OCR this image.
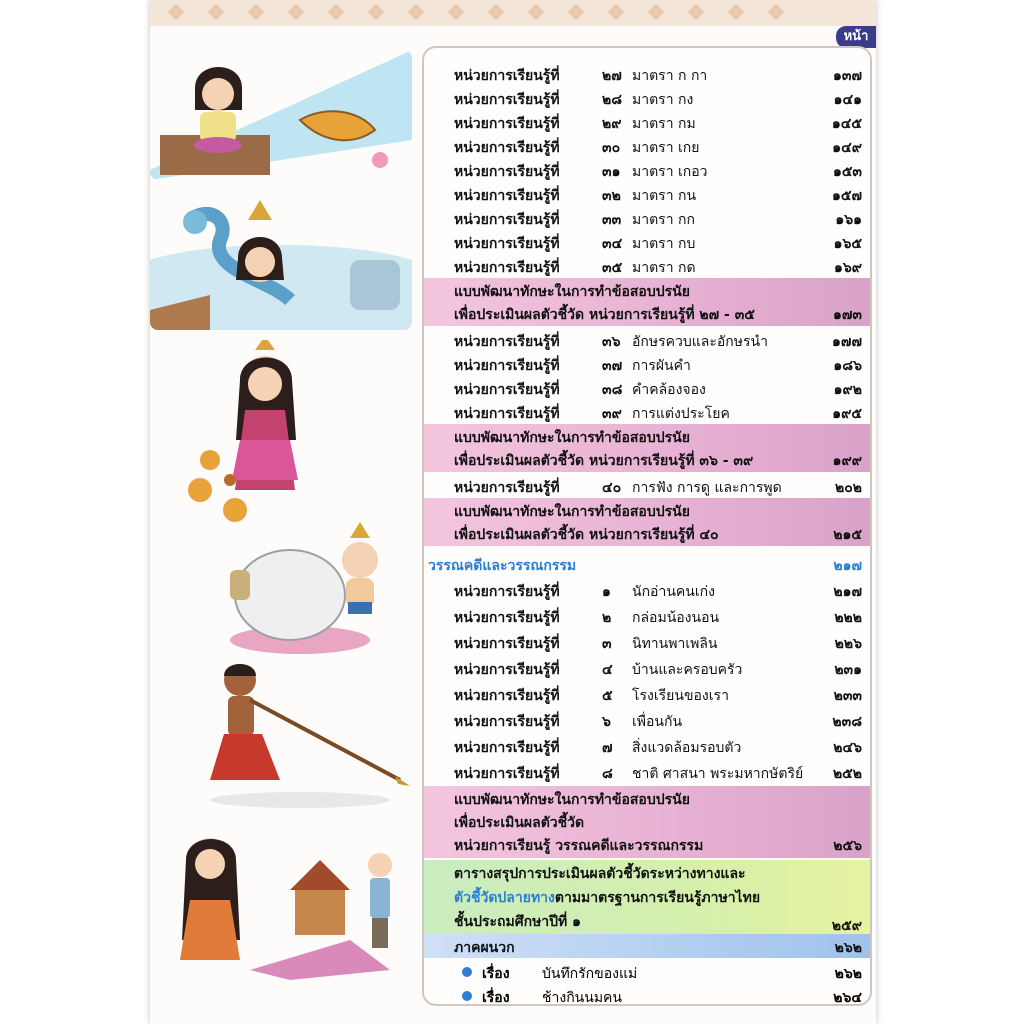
หน้า
หน่วยการเรียนรู้ที่	๒๗ มาตรา ก กา	๑๓๗
หน่วยการเรียนรู้ที่	๒๘ มาตรา กง	๑๔๑
หน่วยการเรียนรู้ที่	๒๙ มาตรา กม	๑๔๕
หน่วยการเรียนรู้ที่	๓๐ มาตรา เกย	๑๔๙
หน่วยการเรียนรู้ที่	๓๑ มาตรา เกอว	๑๕๓
หน่วยการเรียนรู้ที่	๓๒ มาตรา กน	๑๕๗
หน่วยการเรียนรู้ที่	๓๓ มาตรา กก	๑๖๑
หน่วยการเรียนรู้ที่	๓๔ มาตรา กบ	๑๖๕
หน่วยการเรียนรู้ที่	๓๕ มาตรา กด	๑๖๙
แบบพัฒนาทักษะในการทำข้อสอบปรนัย
เพื่อประเมินผลตัวชี้วัด หน่วยการเรียนรู้ที่ ๒๗ - ๓๕	๑๗๓
หน่วยการเรียนรู้ที่	๓๖ อักษรควบและอักษรนำ	๑๗๗
หน่วยการเรียนรู้ที่	๓๗ การผันคำ	๑๘๖
หน่วยการเรียนรู้ที่	๓๘ คำคล้องจอง	๑๙๒
หน่วยการเรียนรู้ที่	๓๙ การแต่งประโยค	๑๙๕
แบบพัฒนาทักษะในการทำข้อสอบปรนัย
เพื่อประเมินผลตัวชี้วัด หน่วยการเรียนรู้ที่ ๓๖ - ๓๙	๑๙๙
หน่วยการเรียนรู้ที่	๔๐ การฟัง การดู และการพูด	๒๐๒
แบบพัฒนาทักษะในการทำข้อสอบปรนัย
เพื่อประเมินผลตัวชี้วัด หน่วยการเรียนรู้ที่ ๔๐	๒๑๕
วรรณคดีและวรรณกรรม	๒๑๗
หน่วยการเรียนรู้ที่	๑ นักอ่านคนเก่ง	๒๑๗
หน่วยการเรียนรู้ที่	๒ กล่อมน้องนอน	๒๒๒
หน่วยการเรียนรู้ที่	๓ นิทานพาเพลิน	๒๒๖
หน่วยการเรียนรู้ที่	๔ บ้านและครอบครัว	๒๓๑
หน่วยการเรียนรู้ที่	๕ โรงเรียนของเรา	๒๓๓
หน่วยการเรียนรู้ที่	๖ เพื่อนกัน	๒๓๘
หน่วยการเรียนรู้ที่	๗ สิ่งแวดล้อมรอบตัว	๒๔๖
หน่วยการเรียนรู้ที่	๘ ชาติ ศาสนา พระมหากษัตริย์ ๒๕๒
แบบพัฒนาทักษะในการทำข้อสอบปรนัย
เพื่อประเมินผลตัวชี้วัด
หน่วยการเรียนรู้ วรรณคดีและวรรณกรรม	๒๕๖
ตารางสรุปการประเมินผลตัวชี้วัดระหว่างทางและ
ตัวชี้วัดปลายทางตามมาตรฐานการเรียนรู้ภาษาไทย
ชั้นประถมศึกษาปีที่ ๑	๒๕๙
ภาคผนวก	๒๖๒
เรื่อง บันทึกรักของแม่	๒๖๒
เรื่อง ช้างกินนมคน	๒๖๔
